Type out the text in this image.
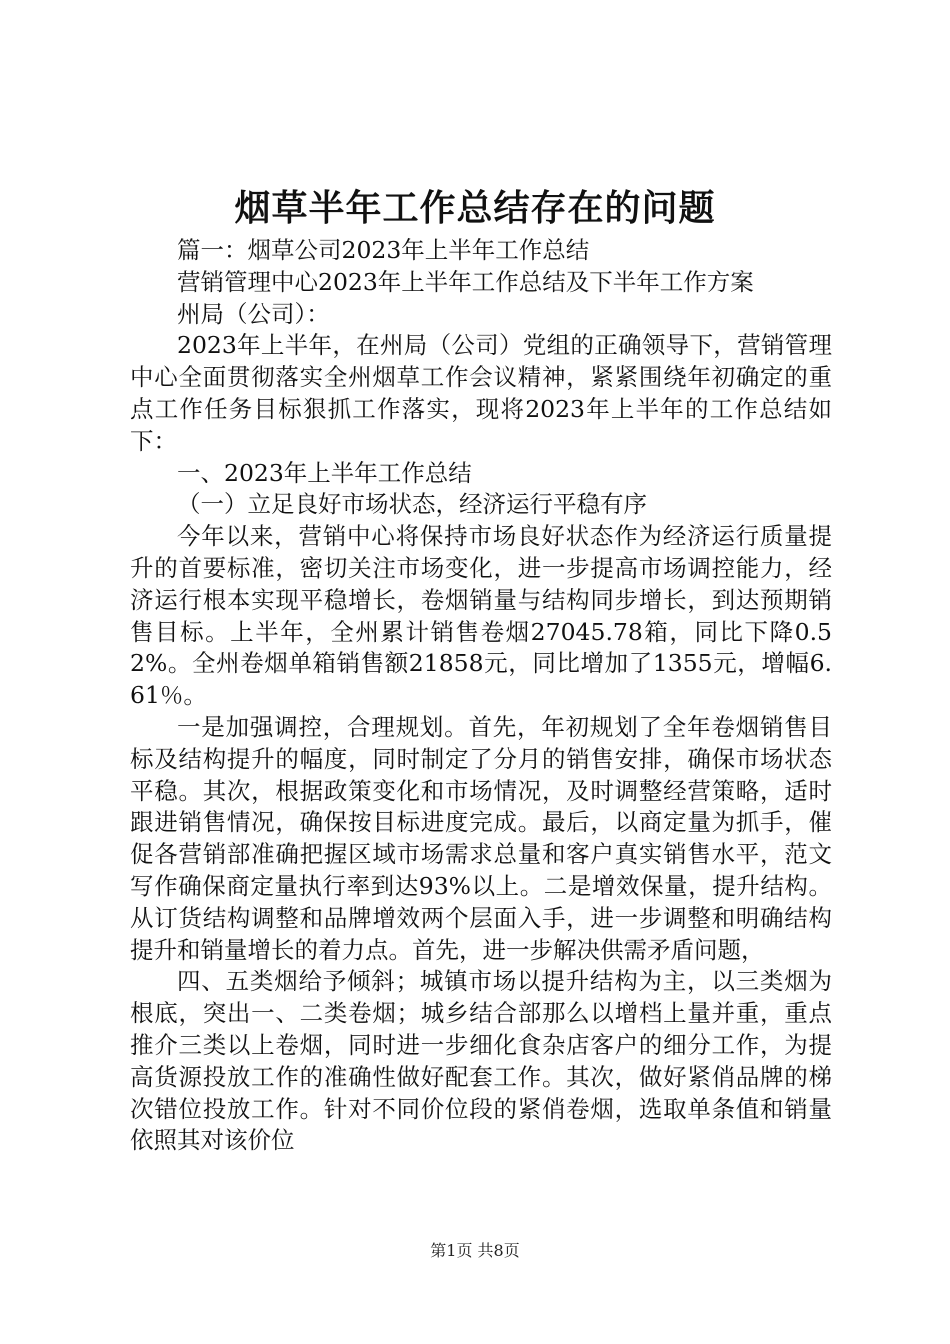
烟草半年工作总结存在的问题

篇一：烟草公司2023年上半年工作总结

营销管理中心2023年上半年工作总结及下半年工作方案

州局（公司）：

2023年上半年，在州局（公司）党组的正确领导下，营销管理中心全面贯彻落实全州烟草工作会议精神，紧紧围绕年初确定的重点工作任务目标狠抓工作落实，现将2023年上半年的工作总结如下：

一、2023年上半年工作总结

（一）立足良好市场状态，经济运行平稳有序

今年以来，营销中心将保持市场良好状态作为经济运行质量提升的首要标准，密切关注市场变化，进一步提高市场调控能力，经济运行根本实现平稳增长，卷烟销量与结构同步增长，到达预期销售目标。上半年，全州累计销售卷烟27045.78箱，同比下降0.52%。全州卷烟单箱销售额21858元，同比增加了1355元，增幅6.61％。

一是加强调控，合理规划。首先，年初规划了全年卷烟销售目标及结构提升的幅度，同时制定了分月的销售安排，确保市场状态平稳。其次，根据政策变化和市场情况，及时调整经营策略，适时跟进销售情况，确保按目标进度完成。最后，以商定量为抓手，催促各营销部准确把握区域市场需求总量和客户真实销售水平，范文写作确保商定量执行率到达93%以上。二是增效保量，提升结构。从订货结构调整和品牌增效两个层面入手，进一步调整和明确结构提升和销量增长的着力点。首先，进一步解决供需矛盾问题，

四、五类烟给予倾斜；城镇市场以提升结构为主，以三类烟为根底，突出一、二类卷烟；城乡结合部那么以增档上量并重，重点推介三类以上卷烟，同时进一步细化食杂店客户的细分工作，为提高货源投放工作的准确性做好配套工作。其次，做好紧俏品牌的梯次错位投放工作。针对不同价位段的紧俏卷烟，选取单条值和销量依照其对该价位

第1页 共8页
